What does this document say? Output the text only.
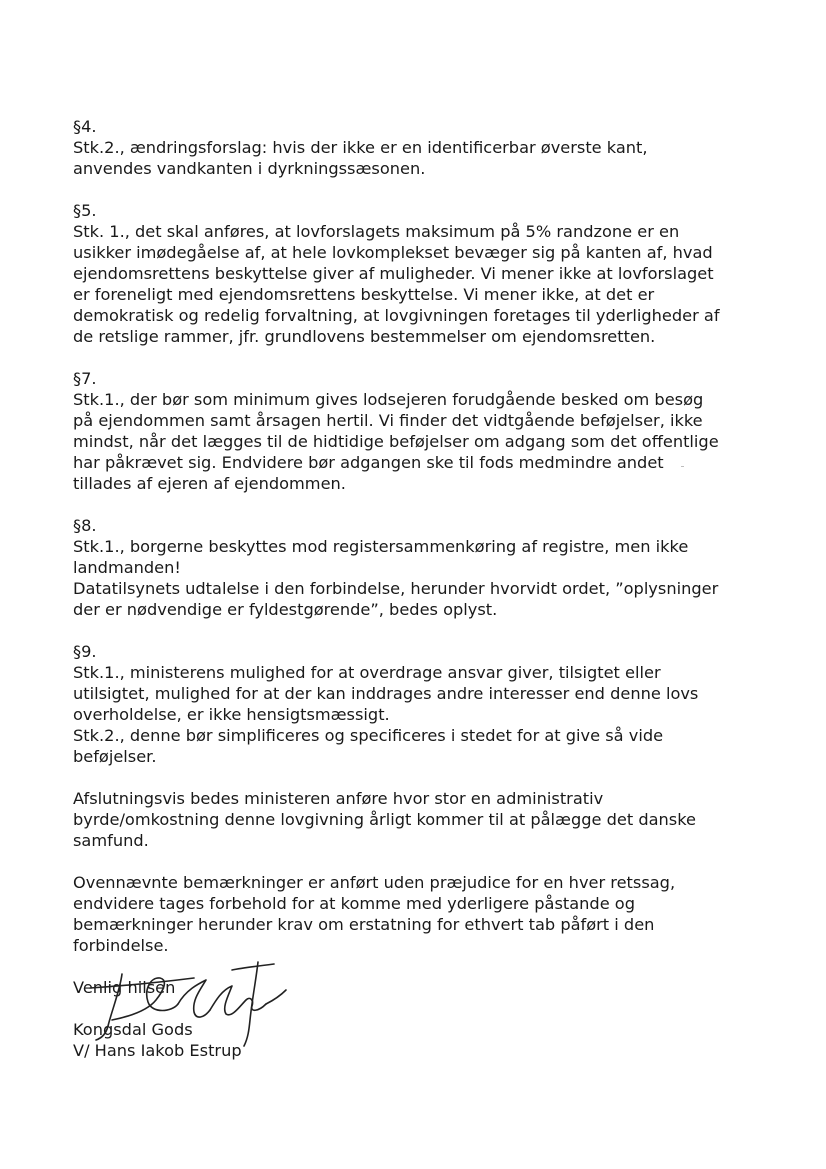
§4.
Stk.2., ændringsforslag: hvis der ikke er en identificerbar øverste kant,
anvendes vandkanten i dyrkningssæsonen.
§5.
Stk. 1., det skal anføres, at lovforslagets maksimum på 5% randzone er en
usikker imødegåelse af, at hele lovkomplekset bevæger sig på kanten af, hvad
ejendomsrettens beskyttelse giver af muligheder. Vi mener ikke at lovforslaget
er foreneligt med ejendomsrettens beskyttelse. Vi mener ikke, at det er
demokratisk og redelig forvaltning, at lovgivningen foretages til yderligheder af
de retslige rammer, jfr. grundlovens bestemmelser om ejendomsretten.
§7.
Stk.1., der bør som minimum gives lodsejeren forudgående besked om besøg
på ejendommen samt årsagen hertil. Vi finder det vidtgående beføjelser, ikke
mindst, når det lægges til de hidtidige beføjelser om adgang som det offentlige
har påkrævet sig. Endvidere bør adgangen ske til fods medmindre andet
tillades af ejeren af ejendommen.
§8.
Stk.1., borgerne beskyttes mod registersammenkøring af registre, men ikke
landmanden!
Datatilsynets udtalelse i den forbindelse, herunder hvorvidt ordet, ”oplysninger
der er nødvendige er fyldestgørende”, bedes oplyst.
§9.
Stk.1., ministerens mulighed for at overdrage ansvar giver, tilsigtet eller
utilsigtet, mulighed for at der kan inddrages andre interesser end denne lovs
overholdelse, er ikke hensigtsmæssigt.
Stk.2., denne bør simplificeres og specificeres i stedet for at give så vide
beføjelser.
Afslutningsvis bedes ministeren anføre hvor stor en administrativ
byrde/omkostning denne lovgivning årligt kommer til at pålægge det danske
samfund.
Ovennævnte bemærkninger er anført uden præjudice for en hver retssag,
endvidere tages forbehold for at komme med yderligere påstande og
bemærkninger herunder krav om erstatning for ethvert tab påført i den
forbindelse.
Venlig hilsen

Kongsdal Gods
V/ Hans Iakob Estrup
